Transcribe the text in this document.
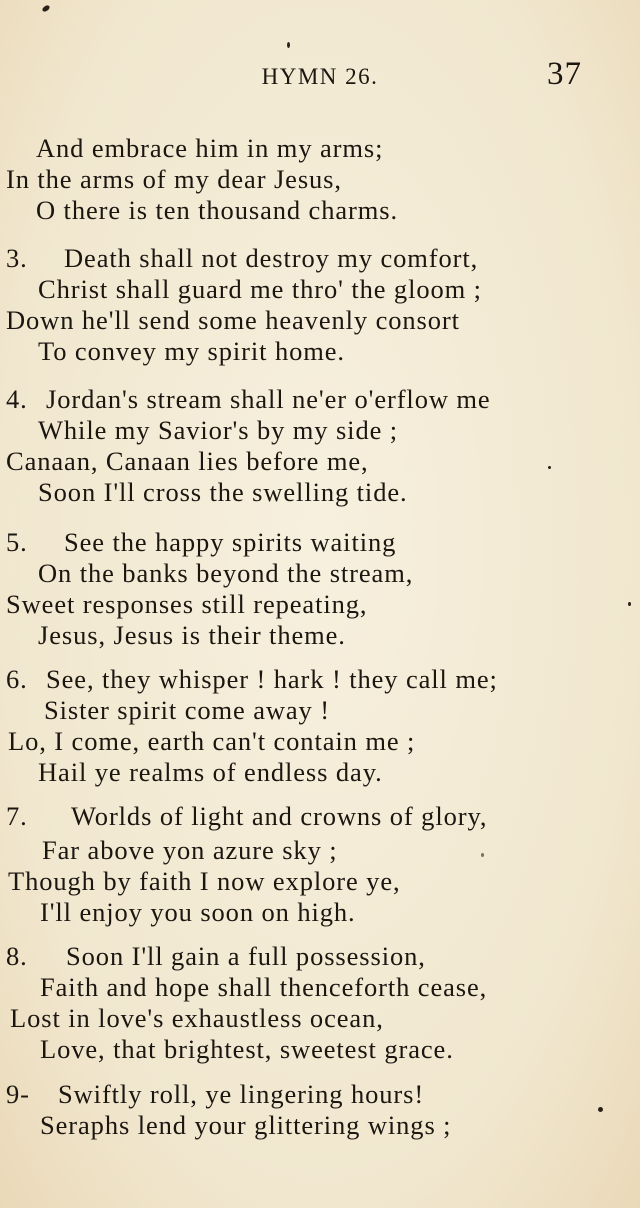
HYMN 26.	37
And embrace him in my arms;
In the arms of my dear Jesus,
O there is ten thousand charms.
3. Death shall not destroy my comfort,
Christ shall guard me thro' the gloom ;
Down he'll send some heavenly consort
To convey my spirit home.
4. Jordan's stream shall ne'er o'erflow me
While my Savior's by my side ;
Canaan, Canaan lies before me,
Soon I'll cross the swelling tide.
5. See the happy spirits waiting
On the banks beyond the stream,
Sweet responses still repeating,
Jesus, Jesus is their theme.
6. See, they whisper ! hark ! they call me;
Sister spirit come away !
Lo, I come, earth can't contain me ;
Hail ye realms of endless day.
7. Worlds of light and crowns of glory,
Far above yon azure sky ;
Though by faith I now explore ye,
I'll enjoy you soon on high.
8. Soon I'll gain a full possession,
Faith and hope shall thenceforth cease,
Lost in love's exhaustless ocean,
Love, that brightest, sweetest grace.
9- Swiftly roll, ye lingering hours!
Seraphs lend your glittering wings ;
